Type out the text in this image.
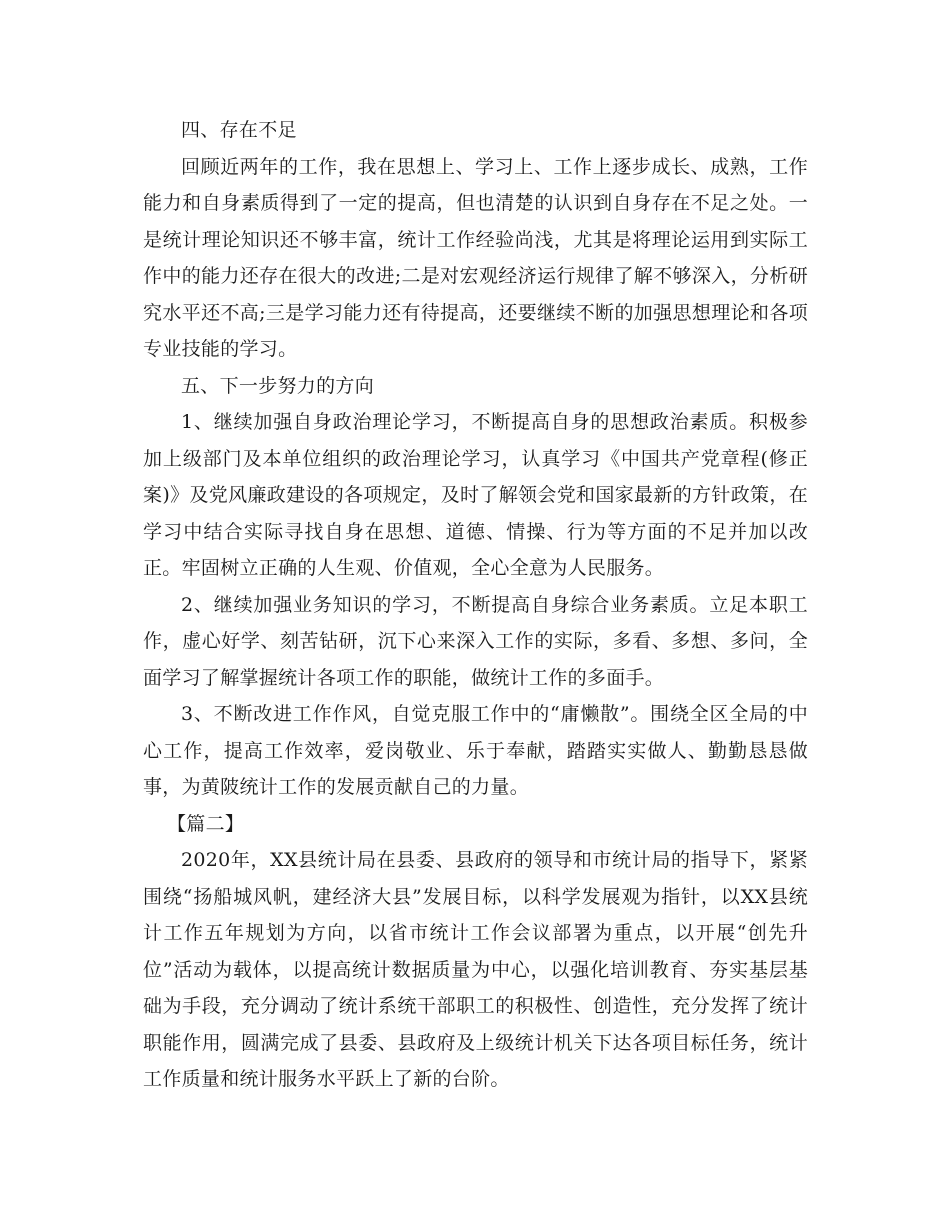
四、存在不足

回顾近两年的工作，我在思想上、学习上、工作上逐步成长、成熟，工作能力和自身素质得到了一定的提高，但也清楚的认识到自身存在不足之处。一是统计理论知识还不够丰富，统计工作经验尚浅，尤其是将理论运用到实际工作中的能力还存在很大的改进;二是对宏观经济运行规律了解不够深入，分析研究水平还不高;三是学习能力还有待提高，还要继续不断的加强思想理论和各项专业技能的学习。

五、下一步努力的方向

1、继续加强自身政治理论学习，不断提高自身的思想政治素质。积极参加上级部门及本单位组织的政治理论学习，认真学习《中国共产党章程(修正案)》及党风廉政建设的各项规定，及时了解领会党和国家最新的方针政策，在学习中结合实际寻找自身在思想、道德、情操、行为等方面的不足并加以改正。牢固树立正确的人生观、价值观，全心全意为人民服务。

2、继续加强业务知识的学习，不断提高自身综合业务素质。立足本职工作，虚心好学、刻苦钻研，沉下心来深入工作的实际，多看、多想、多问，全面学习了解掌握统计各项工作的职能，做统计工作的多面手。

3、不断改进工作作风，自觉克服工作中的“庸懒散”。围绕全区全局的中心工作，提高工作效率，爱岗敬业、乐于奉献，踏踏实实做人、勤勤恳恳做事，为黄陂统计工作的发展贡献自己的力量。

【篇二】

2020年，XX县统计局在县委、县政府的领导和市统计局的指导下，紧紧围绕“扬船城风帆，建经济大县”发展目标，以科学发展观为指针，以XX县统计工作五年规划为方向，以省市统计工作会议部署为重点，以开展“创先升位”活动为载体，以提高统计数据质量为中心，以强化培训教育、夯实基层基础为手段，充分调动了统计系统干部职工的积极性、创造性，充分发挥了统计职能作用，圆满完成了县委、县政府及上级统计机关下达各项目标任务，统计工作质量和统计服务水平跃上了新的台阶。
